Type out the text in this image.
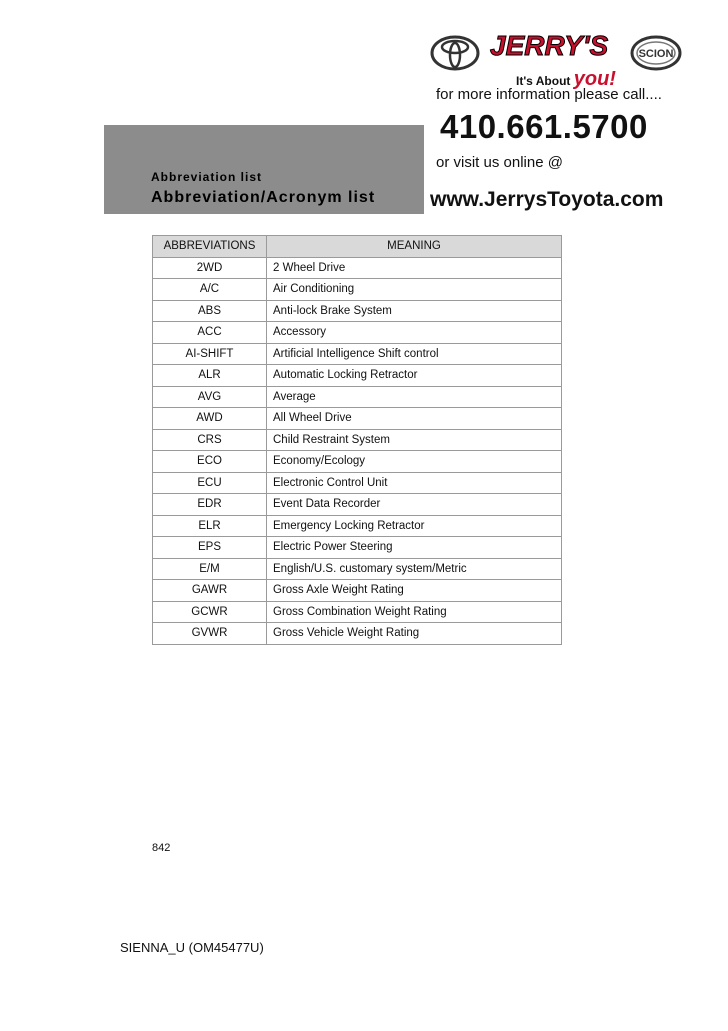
Abbreviation list
Abbreviation/Acronym list
JERRY'S
It's About you!
SCION
for more information please call....
410.661.5700
or visit us online @
www.JerrysToyota.com
ABBREVIATIONS	MEANING
2WD	2 Wheel Drive
A/C	Air Conditioning
ABS	Anti-lock Brake System
ACC	Accessory
AI-SHIFT	Artificial Intelligence Shift control
ALR	Automatic Locking Retractor
AVG	Average
AWD	All Wheel Drive
CRS	Child Restraint System
ECO	Economy/Ecology
ECU	Electronic Control Unit
EDR	Event Data Recorder
ELR	Emergency Locking Retractor
EPS	Electric Power Steering
E/M	English/U.S. customary system/Metric
GAWR	Gross Axle Weight Rating
GCWR	Gross Combination Weight Rating
GVWR	Gross Vehicle Weight Rating
842
SIENNA_U (OM45477U)
